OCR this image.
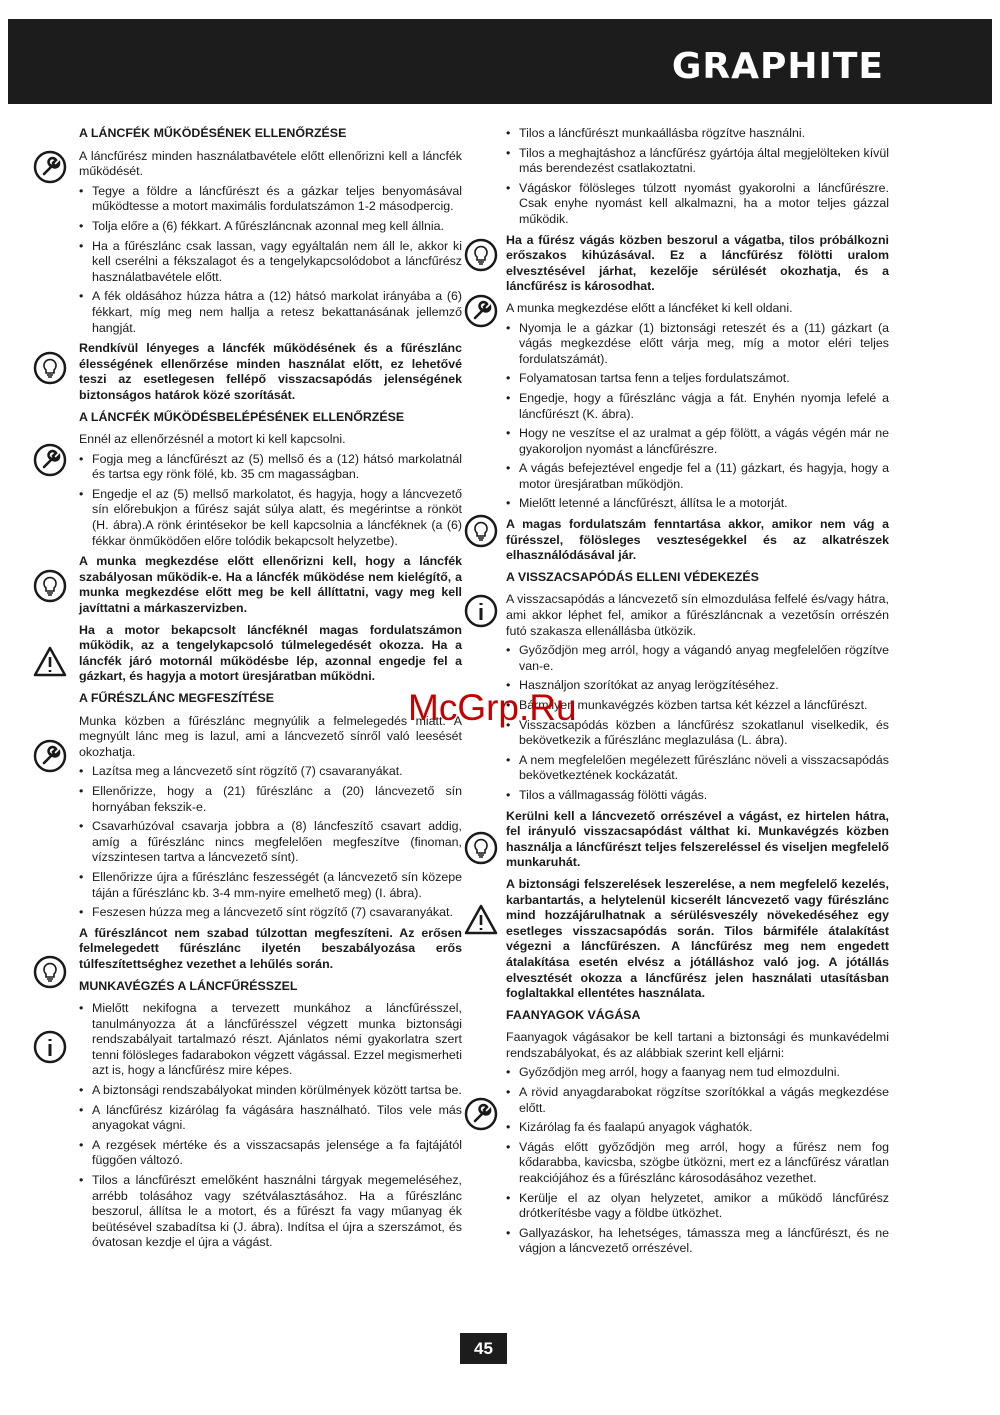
GRAPHITE
A LÁNCFÉK MŰKÖDÉSÉNEK ELLENŐRZÉSE
A láncfűrész minden használatbavétele előtt ellenőrizni kell a láncfék működését.
• Tegye a földre a láncfűrészt és a gázkar teljes benyomásával működtesse a motort maximális fordulatszámon 1-2 másodpercig.
• Tolja előre a (6) fékkart. A fűrészláncnak azonnal meg kell állnia.
• Ha a fűrészlánc csak lassan, vagy egyáltalán nem áll le, akkor ki kell cserélni a fékszalagot és a tengelykapcsolódobot a láncfűrész használatbavétele előtt.
• A fék oldásához húzza hátra a (12) hátsó markolat irányába a (6) fékkart, míg meg nem hallja a retesz bekattanásának jellemző hangját.
Rendkívül lényeges a láncfék működésének és a fűrészlánc élességének ellenőrzése minden használat előtt, ez lehetővé teszi az esetlegesen fellépő visszacsapódás jelenségének biztonságos határok közé szorítását.
A LÁNCFÉK MŰKÖDÉSBELÉPÉSÉNEK ELLENŐRZÉSE
Ennél az ellenőrzésnél a motort ki kell kapcsolni.
• Fogja meg a láncfűrészt az (5) mellső és a (12) hátsó markolatnál és tartsa egy rönk fölé, kb. 35 cm magasságban.
• Engedje el az (5) mellső markolatot, és hagyja, hogy a láncvezető sín előrebukjon a fűrész saját súlya alatt, és megérintse a rönköt (H. ábra).A rönk érintésekor be kell kapcsolnia a láncféknek (a (6) fékkar önműködően előre tolódik bekapcsolt helyzetbe).
A munka megkezdése előtt ellenőrizni kell, hogy a láncfék szabályosan működik-e. Ha a láncfék működése nem kielégítő, a munka megkezdése előtt meg be kell állíttatni, vagy meg kell javíttatni a márkaszervizben.
Ha a motor bekapcsolt láncféknél magas fordulatszámon működik, az a tengelykapcsoló túlmelegedését okozza. Ha a láncfék járó motornál működésbe lép, azonnal engedje fel a gázkart, és hagyja a motort üresjáratban működni.
A FŰRÉSZLÁNC MEGFESZÍTÉSE
Munka közben a fűrészlánc megnyúlik a felmelegedés miatt. A megnyúlt lánc meg is lazul, ami a láncvezető sínről való leesését okozhatja.
• Lazítsa meg a láncvezető sínt rögzítő (7) csavaranyákat.
• Ellenőrizze, hogy a (21) fűrészlánc a (20) láncvezető sín hornyában fekszik-e.
• Csavarhúzóval csavarja jobbra a (8) láncfeszítő csavart addig, amíg a fűrészlánc nincs megfelelően megfeszítve (finoman, vízszintesen tartva a láncvezető sínt).
• Ellenőrizze újra a fűrészlánc feszességét (a láncvezető sín közepe táján a fűrészlánc kb. 3-4 mm-nyire emelhető meg) (I. ábra).
• Feszesen húzza meg a láncvezető sínt rögzítő (7) csavaranyákat.
A fűrészláncot nem szabad túlzottan megfeszíteni. Az erősen felmelegedett fűrészlánc ilyetén beszabályozása erős túlfeszítettséghez vezethet a lehűlés során.
MUNKAVÉGZÉS A LÁNCFŰRÉSSZEL
• Mielőtt nekifogna a tervezett munkához a láncfűrésszel, tanulmányozza át a láncfűrésszel végzett munka biztonsági rendszabályait tartalmazó részt. Ajánlatos némi gyakorlatra szert tenni fölösleges fadarabokon végzett vágással. Ezzel megismerheti azt is, hogy a láncfűrész mire képes.
• A biztonsági rendszabályokat minden körülmények között tartsa be.
• A láncfűrész kizárólag fa vágására használható. Tilos vele más anyagokat vágni.
• A rezgések mértéke és a visszacsapás jelensége a fa fajtájától függően változó.
• Tilos a láncfűrészt emelőként használni tárgyak megemeléséhez, arrébb tolásához vagy szétválasztásához. Ha a fűrészlánc beszorul, állítsa le a motort, és a fűrészt fa vagy műanyag ék beütésével szabadítsa ki (J. ábra). Indítsa el újra a szerszámot, és óvatosan kezdje el újra a vágást.
• Tilos a láncfűrészt munkaállásba rögzítve használni.
• Tilos a meghajtáshoz a láncfűrész gyártója által megjelölteken kívül más berendezést csatlakoztatni.
• Vágáskor fölösleges túlzott nyomást gyakorolni a láncfűrészre. Csak enyhe nyomást kell alkalmazni, ha a motor teljes gázzal működik.
Ha a fűrész vágás közben beszorul a vágatba, tilos próbálkozni erőszakos kihúzásával. Ez a láncfűrész fölötti uralom elvesztésével járhat, kezelője sérülését okozhatja, és a láncfűrész is károsodhat.
A munka megkezdése előtt a láncféket ki kell oldani.
• Nyomja le a gázkar (1) biztonsági reteszét és a (11) gázkart (a vágás megkezdése előtt várja meg, míg a motor eléri teljes fordulatszámát).
• Folyamatosan tartsa fenn a teljes fordulatszámot.
• Engedje, hogy a fűrészlánc vágja a fát. Enyhén nyomja lefelé a láncfűrészt (K. ábra).
• Hogy ne veszítse el az uralmat a gép fölött, a vágás végén már ne gyakoroljon nyomást a láncfűrészre.
• A vágás befejeztével engedje fel a (11) gázkart, és hagyja, hogy a motor üresjáratban működjön.
• Mielőtt letenné a láncfűrészt, állítsa le a motorját.
A magas fordulatszám fenntartása akkor, amikor nem vág a fűrésszel, fölösleges veszteségekkel és az alkatrészek elhasználódásával jár.
A VISSZACSAPÓDÁS ELLENI VÉDEKEZÉS
A visszacsapódás a láncvezető sín elmozdulása felfelé és/vagy hátra, ami akkor léphet fel, amikor a fűrészláncnak a vezetősín orrészén futó szakasza ellenállásba ütközik.
• Győződjön meg arról, hogy a vágandó anyag megfelelően rögzítve van-e.
• Használjon szorítókat az anyag lerögzítéséhez.
• Bármilyen munkavégzés közben tartsa két kézzel a láncfűrészt.
• Visszacsapódás közben a láncfűrész szokatlanul viselkedik, és bekövetkezik a fűrészlánc meglazulása (L. ábra).
• A nem megfelelően megélezett fűrészlánc növeli a visszacsapódás bekövetkeztének kockázatát.
• Tilos a vállmagasság fölötti vágás.
Kerülni kell a láncvezető orrészével a vágást, ez hirtelen hátra, fel irányuló visszacsapódást válthat ki. Munkavégzés közben használja a láncfűrészt teljes felszereléssel és viseljen megfelelő munkaruhát.
A biztonsági felszerelések leszerelése, a nem megfelelő kezelés, karbantartás, a helytelenül kicserélt láncvezető vagy fűrészlánc mind hozzájárulhatnak a sérülésveszély növekedéséhez egy esetleges visszacsapódás során. Tilos bármiféle átalakítást végezni a láncfűrészen. A láncfűrész meg nem engedett átalakítása esetén elvész a jótálláshoz való jog. A jótállás elvesztését okozza a láncfűrész jelen használati utasításban foglaltakkal ellentétes használata.
FAANYAGOK VÁGÁSA
Faanyagok vágásakor be kell tartani a biztonsági és munkavédelmi rendszabályokat, és az alábbiak szerint kell eljárni:
• Győződjön meg arról, hogy a faanyag nem tud elmozdulni.
• A rövid anyagdarabokat rögzítse szorítókkal a vágás megkezdése előtt.
• Kizárólag fa és faalapú anyagok vághatók.
• Vágás előtt győződjön meg arról, hogy a fűrész nem fog kődarabba, kavicsba, szögbe ütközni, mert ez a láncfűrész váratlan reakciójához és a fűrészlánc károsodásához vezethet.
• Kerülje el az olyan helyzetet, amikor a működő láncfűrész drótkerítésbe vagy a földbe ütközhet.
• Gallyazáskor, ha lehetséges, támassza meg a láncfűrészt, és ne vágjon a láncvezető orrészével.
McGrp.Ru
45
